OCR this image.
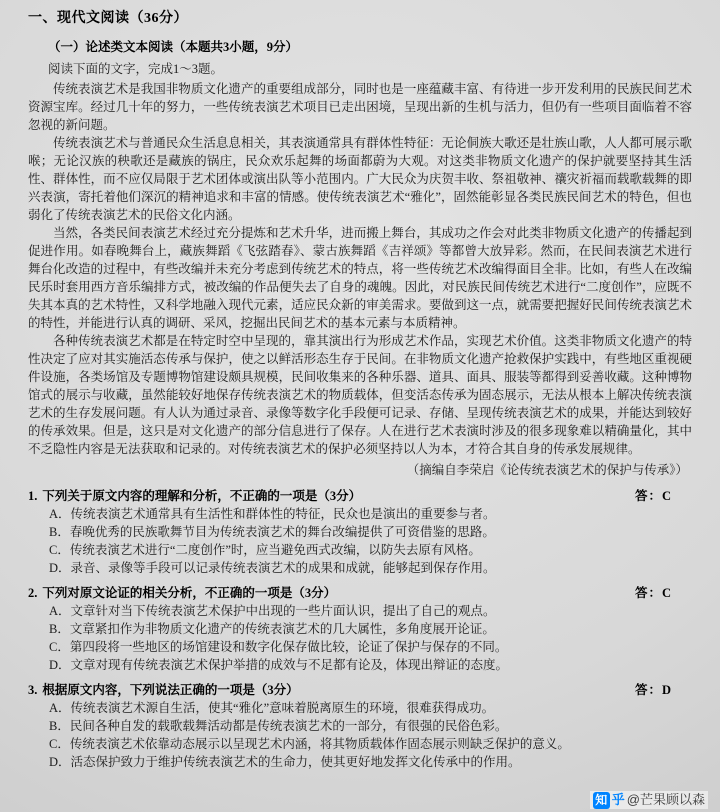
一、现代文阅读（36分）
（一）论述类文本阅读（本题共3小题，9分）

阅读下面的文字，完成1～3题。

传统表演艺术是我国非物质文化遗产的重要组成部分，同时也是一座蕴藏丰富、有待进一步开发利用的民族民间艺术资源宝库。经过几十年的努力，一些传统表演艺术项目已走出困境，呈现出新的生机与活力，但仍有一些项目面临着不容忽视的新问题。

传统表演艺术与普通民众生活息息相关，其表演通常具有群体性特征：无论侗族大歌还是壮族山歌，人人都可展示歌喉；无论汉族的秧歌还是藏族的锅庄，民众欢乐起舞的场面都蔚为大观。对这类非物质文化遗产的保护就要坚持其生活性、群体性，而不应仅局限于艺术团体或演出队等小范围内。广大民众为庆贺丰收、祭祖敬神、禳灾祈福而载歌载舞的即兴表演，寄托着他们深沉的精神追求和丰富的情感。使传统表演艺术“雅化”，固然能彰显各类民族民间艺术的特色，但也弱化了传统表演艺术的民俗文化内涵。

当然，各类民间表演艺术经过充分提炼和艺术升华，进而搬上舞台，其成功之作会对此类非物质文化遗产的传播起到促进作用。如春晚舞台上，藏族舞蹈《飞弦踏春》、蒙古族舞蹈《吉祥颂》等都曾大放异彩。然而，在民间表演艺术进行舞台化改造的过程中，有些改编并未充分考虑到传统艺术的特点，将一些传统艺术改编得面目全非。比如，有些人在改编民乐时套用西方音乐编排方式，被改编的作品便失去了自身的魂魄。因此，对民族民间传统艺术进行“二度创作”，应既不失其本真的艺术特性，又科学地融入现代元素，适应民众新的审美需求。要做到这一点，就需要把握好民间传统表演艺术的特性，并能进行认真的调研、采风，挖掘出民间艺术的基本元素与本质精神。

各种传统表演艺术都是在特定时空中呈现的，靠其演出行为形成艺术作品，实现艺术价值。这类非物质文化遗产的特性决定了应对其实施活态传承与保护，使之以鲜活形态生存于民间。在非物质文化遗产抢救保护实践中，有些地区重视硬件设施，各类场馆及专题博物馆建设颇具规模，民间收集来的各种乐器、道具、面具、服装等都得到妥善收藏。这种博物馆式的展示与收藏，虽然能较好地保存传统表演艺术的物质载体，但变活态传承为固态展示，无法从根本上解决传统表演艺术的生存发展问题。有人认为通过录音、录像等数字化手段便可记录、存储、呈现传统表演艺术的成果，并能达到较好的传承效果。但是，这只是对文化遗产的部分信息进行了保存。人在进行艺术表演时涉及的很多现象难以精确量化，其中不乏隐性内容是无法获取和记录的。对传统表演艺术的保护必须坚持以人为本，才符合其自身的传承发展规律。

（摘编自李荣启《论传统表演艺术的保护与传承》）

1. 下列关于原文内容的理解和分析，不正确的一项是（3分）	答：C

A．传统表演艺术通常具有生活性和群体性的特征，民众也是演出的重要参与者。

B．春晚优秀的民族歌舞节目为传统表演艺术的舞台改编提供了可资借鉴的思路。

C．传统表演艺术进行“二度创作”时，应当避免西式改编，以防失去原有风格。

D．录音、录像等手段可以记录传统表演艺术的成果和成就，能够起到保存作用。

2. 下列对原文论证的相关分析，不正确的一项是（3分）	答：C

A．文章针对当下传统表演艺术保护中出现的一些片面认识，提出了自己的观点。

B．文章紧扣作为非物质文化遗产的传统表演艺术的几大属性，多角度展开论证。

C．第四段将一些地区的场馆建设和数字化保存做比较，论证了保护与保存的不同。

D．文章对现有传统表演艺术保护举措的成效与不足都有论及，体现出辩证的态度。

3. 根据原文内容，下列说法正确的一项是（3分）	答：D

A．传统表演艺术源自生活，使其“雅化”意味着脱离原生的环境，很难获得成功。

B．民间各种自发的载歌载舞活动都是传统表演艺术的一部分，有很强的民俗色彩。

C．传统表演艺术依靠动态展示以呈现艺术内涵，将其物质载体作固态展示则缺乏保护的意义。

D．活态保护致力于维护传统表演艺术的生命力，使其更好地发挥文化传承中的作用。

知 乎 @芒果顾以森
